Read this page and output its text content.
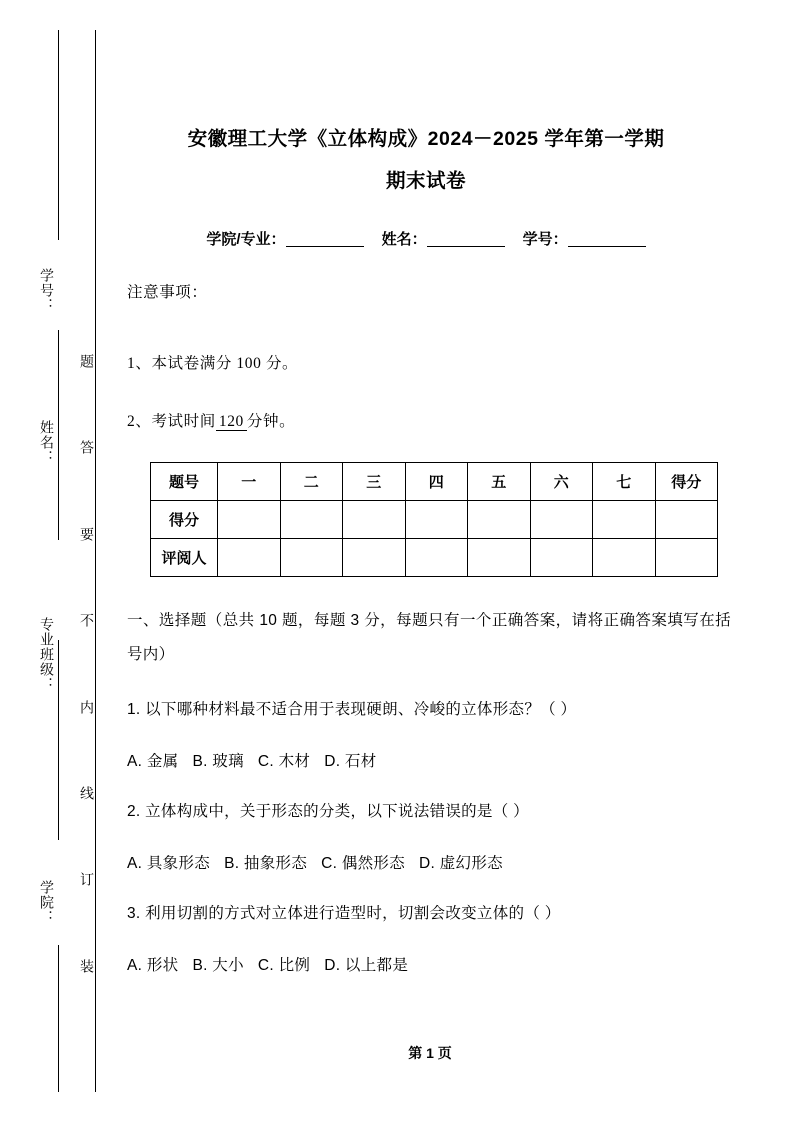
学号：
姓名：
专业班级：
学院：
题
答
要
不
内
线
订
装
安徽理工大学《立体构成》2024－2025 学年第一学期
期末试卷
学院/专业：	姓名：	学号：
注意事项：
1、本试卷满分 100 分。
2、考试时间 120 分钟。
题号	一	二	三	四	五	六	七	得分
得分								
评阅人								
一、选择题（总共 10 题，每题 3 分，每题只有一个正确答案，请将正确答案填写在括号内）
1. 以下哪种材料最不适合用于表现硬朗、冷峻的立体形态？（ ）
A. 金属 B. 玻璃 C. 木材 D. 石材
2. 立体构成中，关于形态的分类，以下说法错误的是（ ）
A. 具象形态 B. 抽象形态 C. 偶然形态 D. 虚幻形态
3. 利用切割的方式对立体进行造型时，切割会改变立体的（ ）
A. 形状 B. 大小 C. 比例 D. 以上都是
第 1 页
